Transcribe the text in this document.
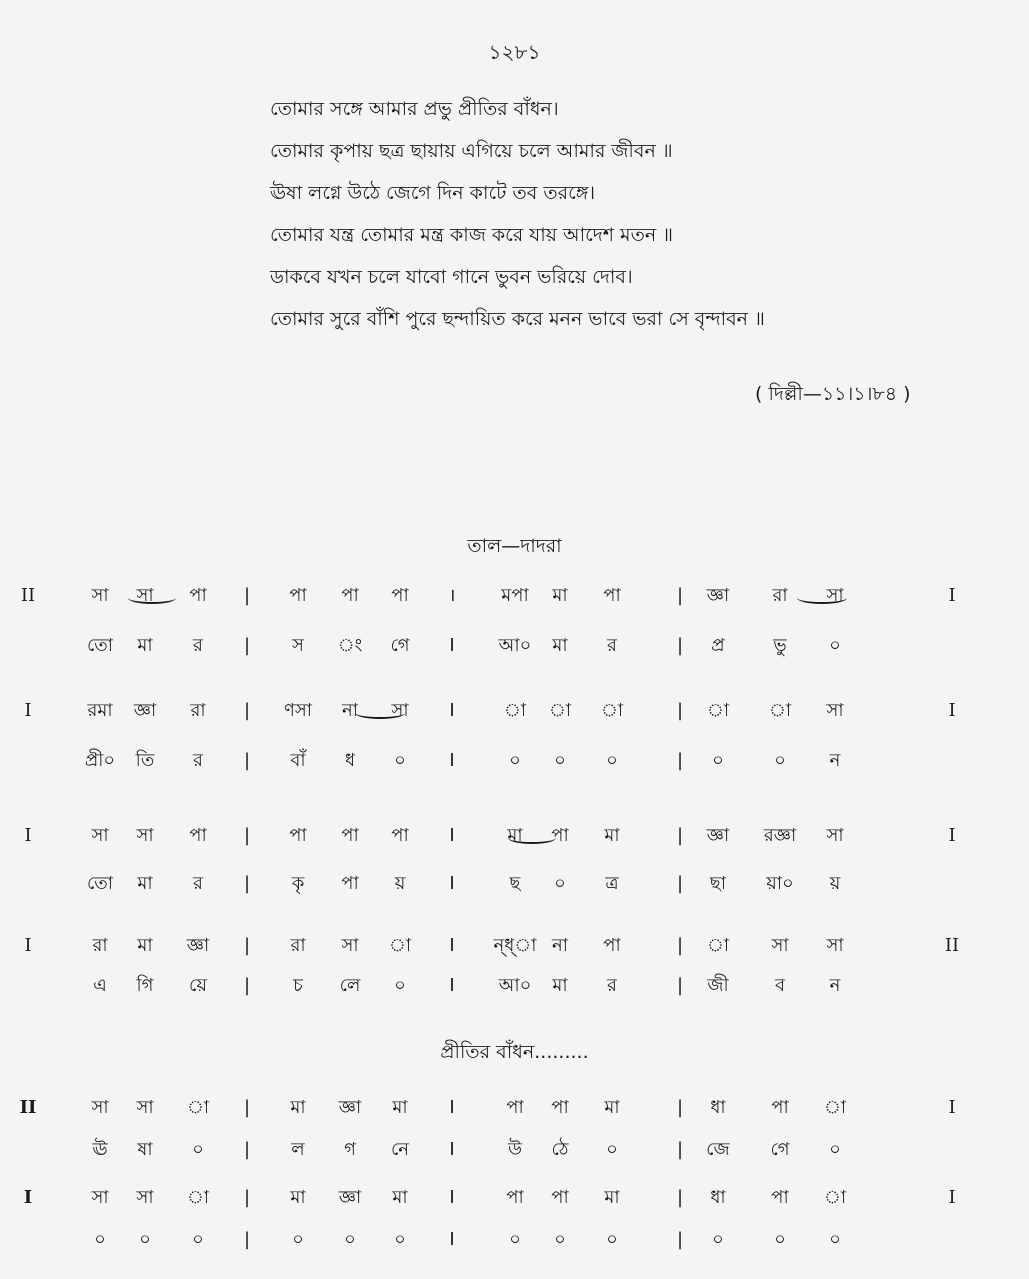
১২৮১
তোমার সঙ্গে আমার প্রভু প্রীতির বাঁধন।
তোমার কৃপায় ছত্র ছায়ায় এগিয়ে চলে আমার জীবন ॥
ঊষা লগ্নে উঠে জেগে দিন কাটে তব তরঙ্গে।
তোমার যন্ত্র তোমার মন্ত্র কাজ করে যায় আদেশ মতন ॥
ডাকবে যখন চলে যাবো গানে ভুবন ভরিয়ে দোব।
তোমার সুরে বাঁশি পুরে ছন্দায়িত করে মনন ভাবে ভরা সে বৃন্দাবন ॥
( দিল্লী—১১।১।৮৪ )
তাল—দাদরা
প্রীতির বাঁধন.........
II	সা সা পা | পা পা পা ।	মপা মা পা	| জ্ঞা রা সা	I
তো মা র | স ং গে I আ০ মা র	| প্র	ভু ০
I	রমা জ্ঞা রা | ণসা না সা I	া া া	| া া সা	I
প্রী০ তি র | বাঁ ধ ০ I	০ ০ ০	| ০	০ ন
I	সা সা পা | পা পা পা I	মা পা মা	| জ্ঞা রজ্ঞা সা	I
তো মা র | কৃ পা য় I	ছ ০ ত্র	| ছা য়া০ য়
I	রা মা জ্ঞা | রা সা া I ন্‌ধ্‌া না পা	| া সা সা	II
এ গি য়ে | চ লে ০ I আ০ মা র	| জী	ব ন
II	সা সা া | মা জ্ঞা মা I	পা পা মা	| ধা	পা া	I
ঊ ষা ০ | ল গ নে I	উ ঠে ০	| জে গে ০
I	সা সা া | মা জ্ঞা মা I	পা পা মা	| ধা	পা া	I
০ ০ ০ | ০ ০ ০ I	০ ০ ০	| ০	০ ০
